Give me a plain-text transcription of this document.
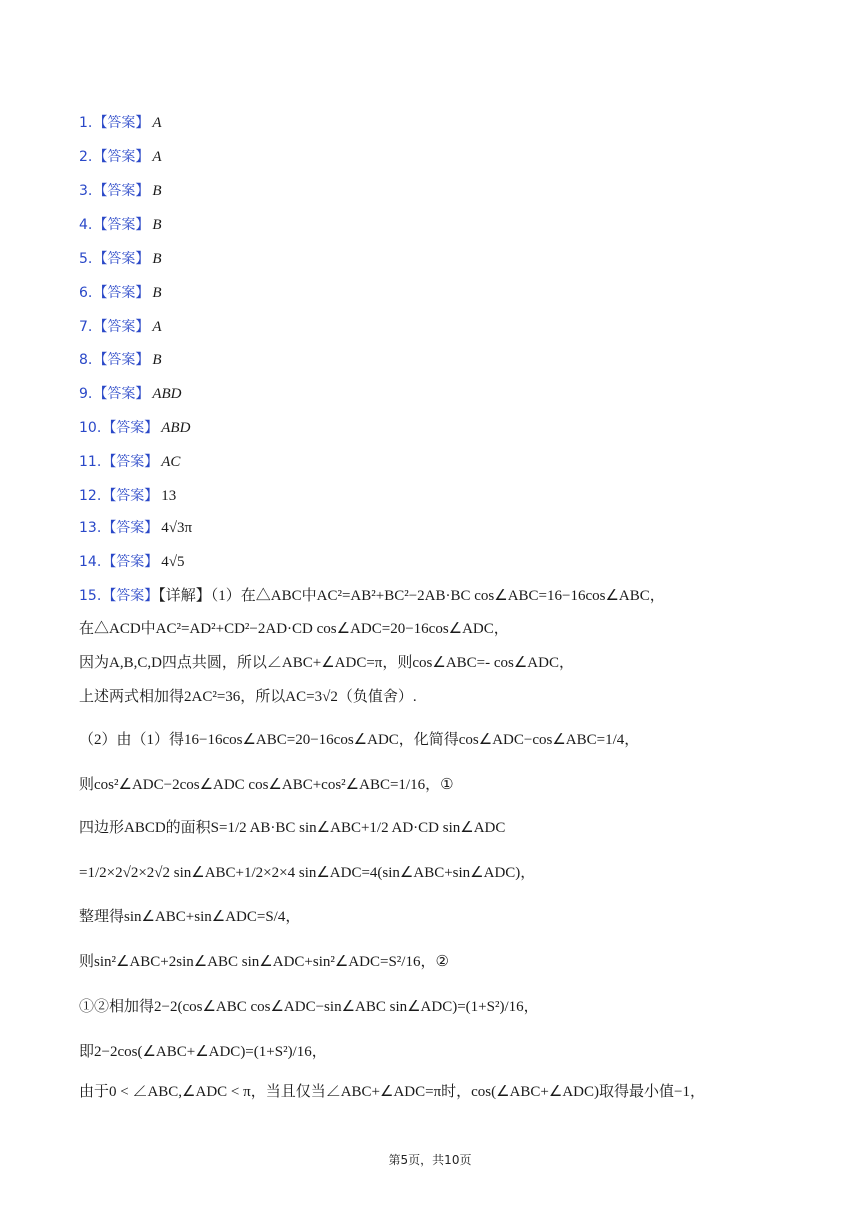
1.【答案】 A
2.【答案】 A
3.【答案】 B
4.【答案】 B
5.【答案】 B
6.【答案】 B
7.【答案】 A
8.【答案】 B
9.【答案】 ABD
10.【答案】 ABD
11.【答案】 AC
12.【答案】 13
13.【答案】 4√3π
14.【答案】 4√5
15.【答案】【详解】（1）在△ABC中AC²=AB²+BC²−2AB·BC cos∠ABC=16−16cos∠ABC，
在△ACD中AC²=AD²+CD²−2AD·CD cos∠ADC=20−16cos∠ADC，
因为A,B,C,D四点共圆，所以∠ABC+∠ADC=π，则cos∠ABC=- cos∠ADC，
上述两式相加得2AC²=36，所以AC=3√2（负值舍）.
（2）由（1）得16−16cos∠ABC=20−16cos∠ADC，化简得cos∠ADC−cos∠ABC=1/4，
则cos²∠ADC−2cos∠ADC cos∠ABC+cos²∠ABC=1/16，①
四边形ABCD的面积S=1/2 AB·BC sin∠ABC+1/2 AD·CD sin∠ADC
=1/2×2√2×2√2 sin∠ABC+1/2×2×4 sin∠ADC=4(sin∠ABC+sin∠ADC)，
整理得sin∠ABC+sin∠ADC=S/4，
则sin²∠ABC+2sin∠ABC sin∠ADC+sin²∠ADC=S²/16，②
①②相加得2−2(cos∠ABC cos∠ADC−sin∠ABC sin∠ADC)=(1+S²)/16，
即2−2cos(∠ABC+∠ADC)=(1+S²)/16，
由于0 < ∠ABC,∠ADC < π，当且仅当∠ABC+∠ADC=π时，cos(∠ABC+∠ADC)取得最小值−1，
第5页，共10页
